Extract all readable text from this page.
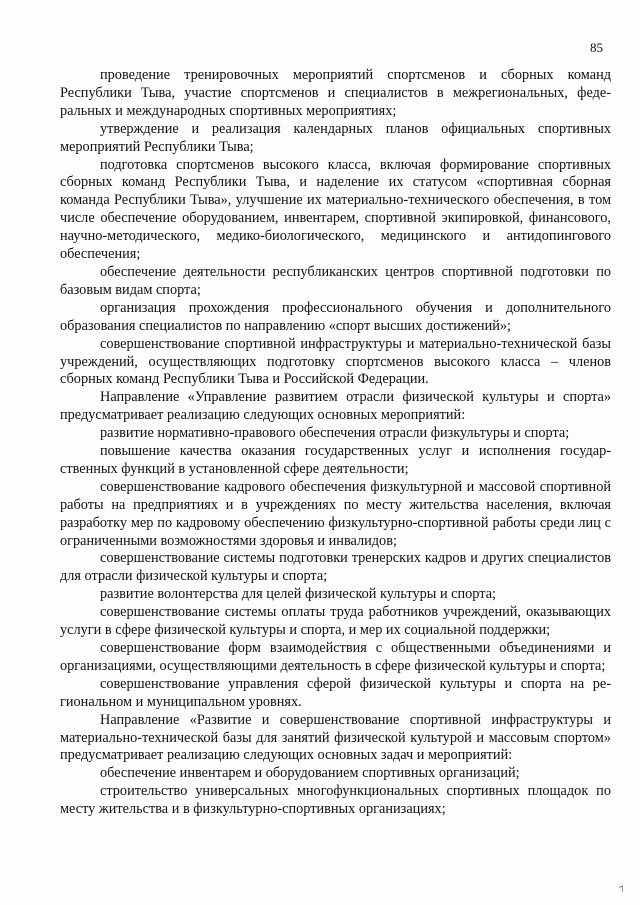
85

проведение тренировочных мероприятий спортсменов и сборных команд Республики Тыва, участие спортсменов и специалистов в межрегиональных, федеральных и международных спортивных мероприятиях;

утверждение и реализация календарных планов официальных спортивных мероприятий Республики Тыва;

подготовка спортсменов высокого класса, включая формирование спортивных сборных команд Республики Тыва, и наделение их статусом «спортивная сборная команда Республики Тыва», улучшение их материально-технического обеспечения, в том числе обеспечение оборудованием, инвентарем, спортивной экипировкой, финансового, научно-методического, медико-биологического, медицинского и антидопингового обеспечения;

обеспечение деятельности республиканских центров спортивной подготовки по базовым видам спорта;

организация прохождения профессионального обучения и дополнительного образования специалистов по направлению «спорт высших достижений»;

совершенствование спортивной инфраструктуры и материально-технической базы учреждений, осуществляющих подготовку спортсменов высокого класса – членов сборных команд Республики Тыва и Российской Федерации.

Направление «Управление развитием отрасли физической культуры и спорта» предусматривает реализацию следующих основных мероприятий:

развитие нормативно-правового обеспечения отрасли физкультуры и спорта;

повышение качества оказания государственных услуг и исполнения государственных функций в установленной сфере деятельности;

совершенствование кадрового обеспечения физкультурной и массовой спортивной работы на предприятиях и в учреждениях по месту жительства населения, включая разработку мер по кадровому обеспечению физкультурно-спортивной работы среди лиц с ограниченными возможностями здоровья и инвалидов;

совершенствование системы подготовки тренерских кадров и других специалистов для отрасли физической культуры и спорта;

развитие волонтерства для целей физической культуры и спорта;

совершенствование системы оплаты труда работников учреждений, оказывающих услуги в сфере физической культуры и спорта, и мер их социальной поддержки;

совершенствование форм взаимодействия с общественными объединениями и организациями, осуществляющими деятельность в сфере физической культуры и спорта;

совершенствование управления сферой физической культуры и спорта на региональном и муниципальном уровнях.

Направление «Развитие и совершенствование спортивной инфраструктуры и материально-технической базы для занятий физической культурой и массовым спортом» предусматривает реализацию следующих основных задач и мероприятий:

обеспечение инвентарем и оборудованием спортивных организаций;

строительство универсальных многофункциональных спортивных площадок по месту жительства и в физкультурно-спортивных организациях;

7
